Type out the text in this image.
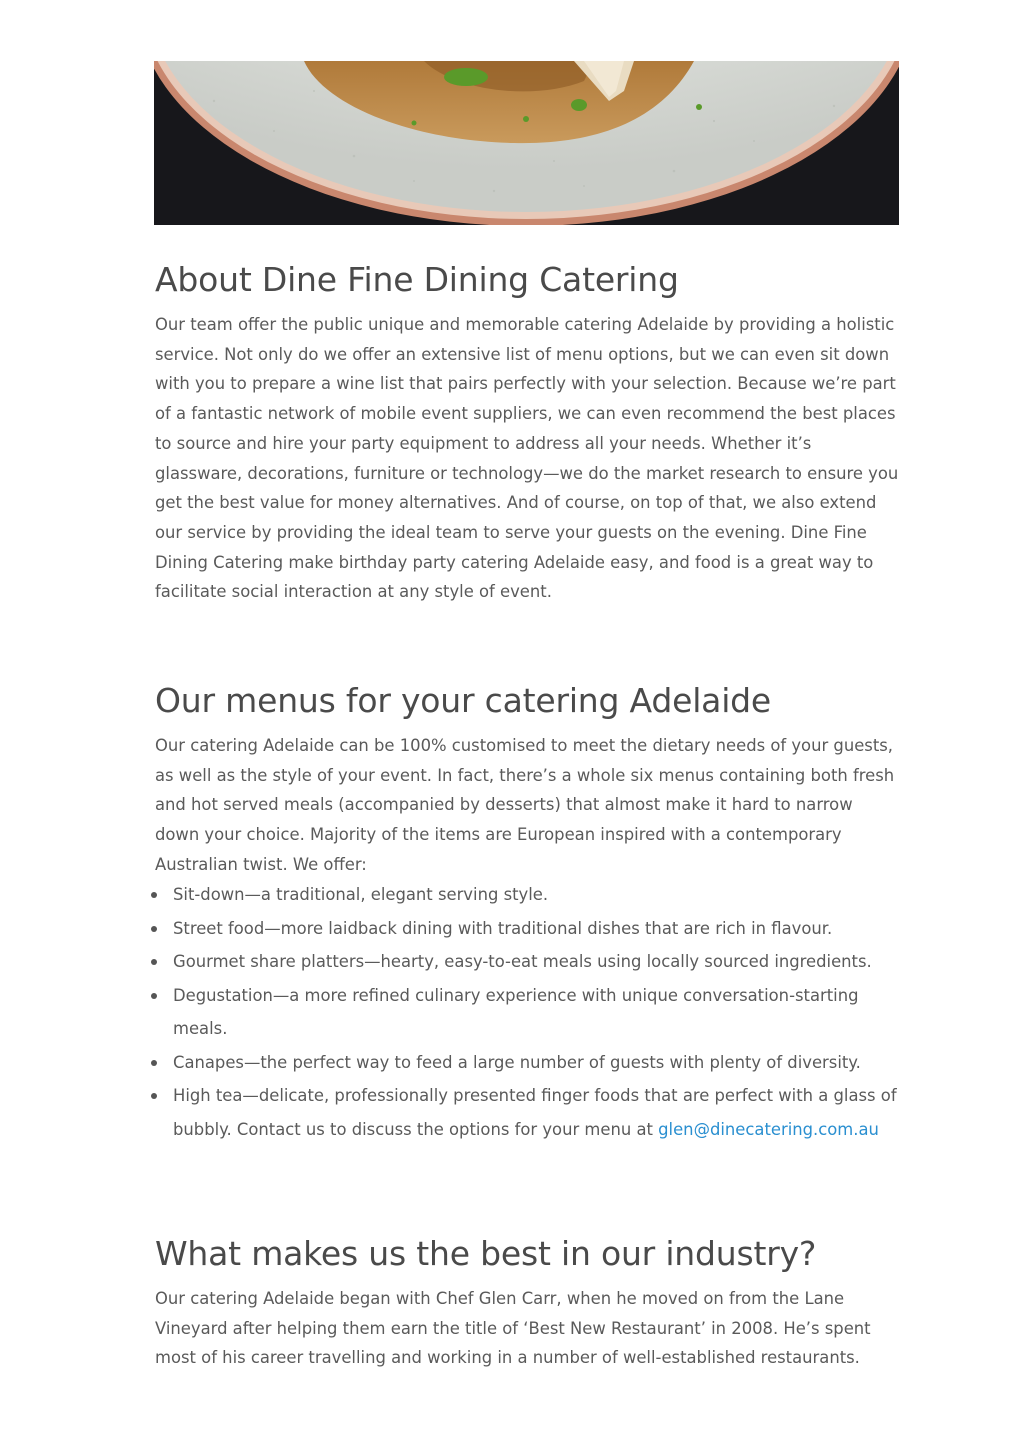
About Dine Fine Dining Catering

Our team offer the public unique and memorable catering Adelaide by providing a holistic service. Not only do we offer an extensive list of menu options, but we can even sit down with you to prepare a wine list that pairs perfectly with your selection. Because we’re part of a fantastic network of mobile event suppliers, we can even recommend the best places to source and hire your party equipment to address all your needs. Whether it’s glassware, decorations, furniture or technology—we do the market research to ensure you get the best value for money alternatives. And of course, on top of that, we also extend our service by providing the ideal team to serve your guests on the evening. Dine Fine Dining Catering make birthday party catering Adelaide easy, and food is a great way to facilitate social interaction at any style of event.

Our menus for your catering Adelaide

Our catering Adelaide can be 100% customised to meet the dietary needs of your guests, as well as the style of your event. In fact, there’s a whole six menus containing both fresh and hot served meals (accompanied by desserts) that almost make it hard to narrow down your choice. Majority of the items are European inspired with a contemporary Australian twist. We offer:

Sit-down—a traditional, elegant serving style.
Street food—more laidback dining with traditional dishes that are rich in flavour.
Gourmet share platters—hearty, easy-to-eat meals using locally sourced ingredients.
Degustation—a more refined culinary experience with unique conversation-starting meals.
Canapes—the perfect way to feed a large number of guests with plenty of diversity.
High tea—delicate, professionally presented finger foods that are perfect with a glass of bubbly. Contact us to discuss the options for your menu at glen@dinecatering.com.au
What makes us the best in our industry?

Our catering Adelaide began with Chef Glen Carr, when he moved on from the Lane Vineyard after helping them earn the title of ‘Best New Restaurant’ in 2008. He’s spent most of his career travelling and working in a number of well-established restaurants.
